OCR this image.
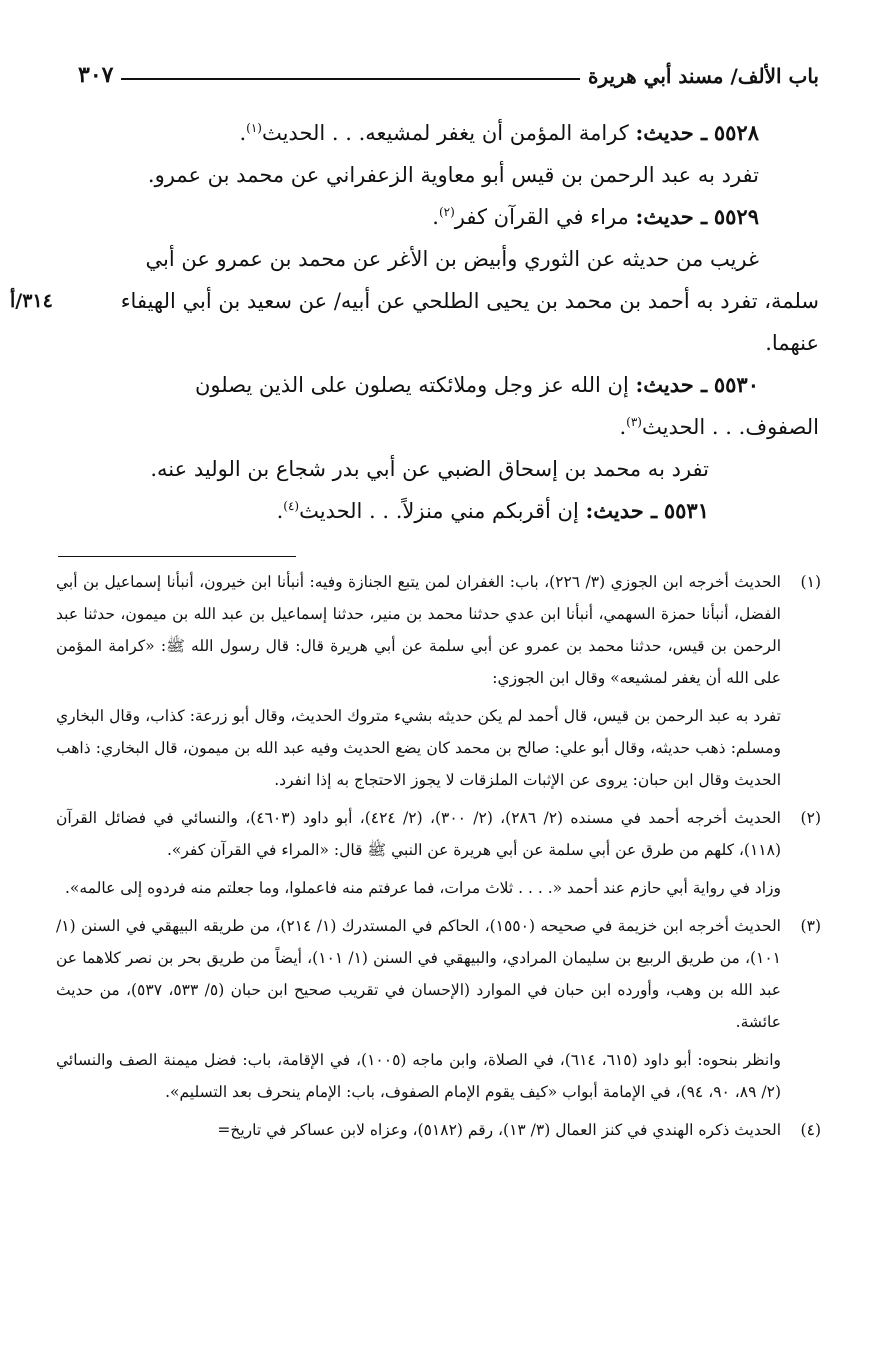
باب الألف/ مسند أبي هريرة
٣٠٧
٥٥٢٨ ـ حديث: كرامة المؤمن أن يغفر لمشيعه. . . الحديث$^{(١)}$.
تفرد به عبد الرحمن بن قيس أبو معاوية الزعفراني عن محمد بن عمرو.
٥٥٢٩ ـ حديث: مراء في القرآن كفر$^{(٢)}$.
غريب من حديثه عن الثوري وأبيض بن الأغر عن محمد بن عمرو عن أبي
سلمة، تفرد به أحمد بن محمد بن يحيى الطلحي عن أبيه/ عن سعيد بن أبي الهيفاء
٣١٤/أ
عنهما.
٥٥٣٠ ـ حديث: إن الله عز وجل وملائكته يصلون على الذين يصلون
الصفوف. . . الحديث$^{(٣)}$.
تفرد به محمد بن إسحاق الضبي عن أبي بدر شجاع بن الوليد عنه.
٥٥٣١ ـ حديث: إن أقربكم مني منزلاً. . . الحديث$^{(٤)}$.
(١)

الحديث أخرجه ابن الجوزي (٣/ ٢٢٦)، باب: الغفران لمن يتبع الجنازة وفيه: أنبأنا ابن خيرون، أنبأنا إسماعيل بن أبي الفضل، أنبأنا حمزة السهمي، أنبأنا ابن عدي حدثنا محمد بن منير، حدثنا إسماعيل بن عبد الله بن ميمون، حدثنا عبد الرحمن بن قيس، حدثنا محمد بن عمرو عن أبي سلمة عن أبي هريرة قال: قال رسول الله ﷺ: «كرامة المؤمن على الله أن يغفر لمشيعه» وقال ابن الجوزي:

تفرد به عبد الرحمن بن قيس، قال أحمد لم يكن حديثه بشيء متروك الحديث، وقال أبو زرعة: كذاب، وقال البخاري ومسلم: ذهب حديثه، وقال أبو علي: صالح بن محمد كان يضع الحديث وفيه عبد الله بن ميمون، قال البخاري: ذاهب الحديث وقال ابن حبان: يروى عن الإثبات الملزقات لا يجوز الاحتجاج به إذا انفرد.

(٢)

الحديث أخرجه أحمد في مسنده (٢/ ٢٨٦)، (٢/ ٣٠٠)، (٢/ ٤٢٤)، أبو داود (٤٦٠٣)، والنسائي في فضائل القرآن (١١٨)، كلهم من طرق عن أبي سلمة عن أبي هريرة عن النبي ﷺ قال: «المراء في القرآن كفر».

وزاد في رواية أبي حازم عند أحمد «. . . . ثلاث مرات، فما عرفتم منه فاعملوا، وما جعلتم منه فردوه إلى عالمه».

(٣)

الحديث أخرجه ابن خزيمة في صحيحه (١٥٥٠)، الحاكم في المستدرك (١/ ٢١٤)، من طريقه البيهقي في السنن (١/ ١٠١)، من طريق الربيع بن سليمان المرادي، والبيهقي في السنن (١/ ١٠١)، أيضاً من طريق بحر بن نصر كلاهما عن عبد الله بن وهب، وأورده ابن حبان في الموارد (الإحسان في تقريب صحيح ابن حبان (٥/ ٥٣٣، ٥٣٧)، من حديث عائشة.

وانظر بنحوه: أبو داود (٦١٥، ٦١٤)، في الصلاة، وابن ماجه (١٠٠٥)، في الإقامة، باب: فضل ميمنة الصف والنسائي (٢/ ٨٩، ٩٠، ٩٤)، في الإمامة أبواب «كيف يقوم الإمام الصفوف، باب: الإمام ينحرف بعد التسليم».

(٤)

الحديث ذكره الهندي في كنز العمال (٣/ ١٣)، رقم (٥١٨٢)، وعزاه لابن عساكر في تاريخ=
